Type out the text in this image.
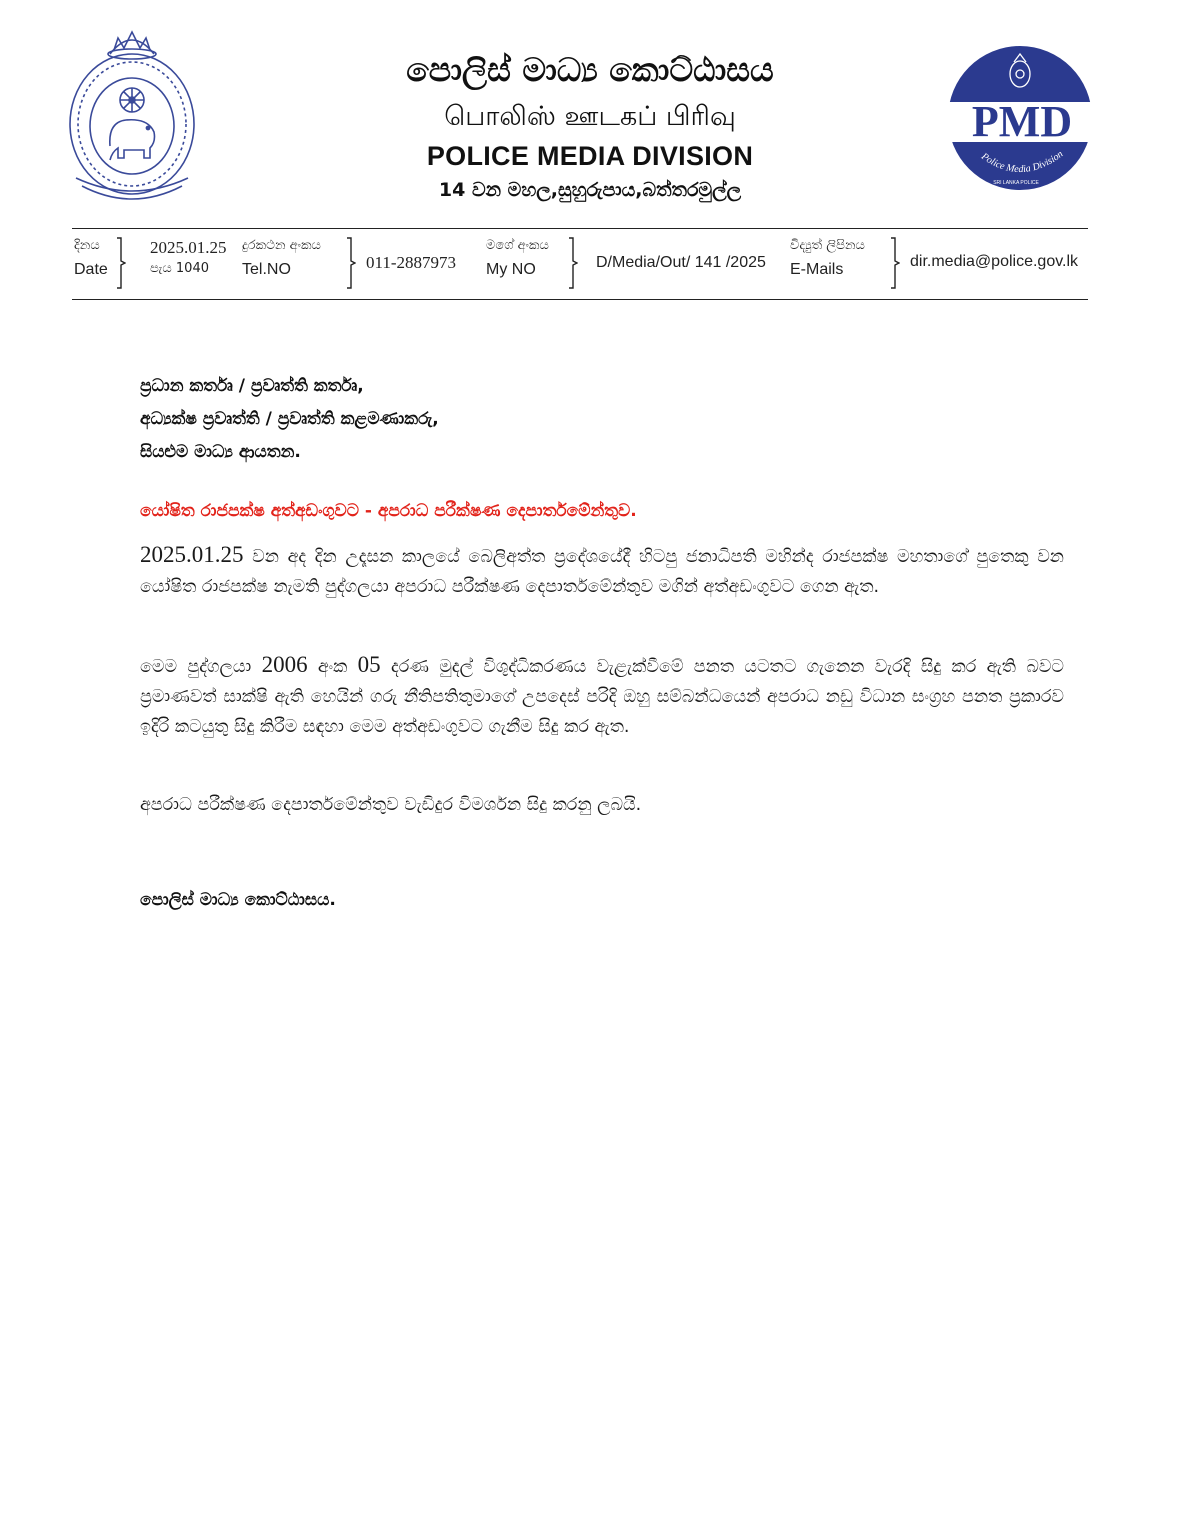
පොලිස් මාධ්‍ය කොට්ඨාසය

பொலிஸ் ஊடகப் பிரிவு

POLICE MEDIA DIVISION

14 වන මහල,සුහුරුපාය,බත්තරමුල්ල

PMD
Police Media Division
SRI LANKA POLICE
දිනය
Date
2025.01.25
පැය 1040
දුරකථන අංකය
Tel.NO	011-2887973
මගේ අංකය
My NO	D/Media/Out/ 141 /2025
විද්‍යුත් ලිපිනය
E-Mails	dir.media@police.gov.lk

ප්‍රධාන කර්තෘ / ප්‍රවෘත්ති කර්තෘ,

අධ්‍යක්ෂ ප්‍රවෘත්ති / ප්‍රවෘත්ති කළමණාකරු,

සියළුම මාධ්‍ය ආයතන.

යෝෂිත රාජපක්ෂ අත්අඩංගුවට - අපරාධ පරීක්ෂණ දෙපාර්තමේන්තුව.

2025.01.25 වන අද දින උදෑසන කාලයේ බෙලිඅත්ත ප්‍රදේශයේදී හිටපු ජනාධිපති මහින්ද රාජපක්ෂ මහතාගේ පුතෙකු වන යෝෂිත රාජපක්ෂ නැමති පුද්ගලයා අපරාධ පරීක්ෂණ දෙපාර්තමේන්තුව මගින් අත්අඩංගුවට ගෙන ඇත.

මෙම පුද්ගලයා 2006 අංක 05 දරණ මුදල් විශුද්ධිකරණය වැළැක්වීමේ පනත යටතට ගැනෙන වැරදි සිදු කර ඇති බවට ප්‍රමාණවත් සාක්ෂි ඇති හෙයින් ගරු නීතිපතිතුමාගේ උපදෙස් පරිදි ඔහු සම්බන්ධයෙන් අපරාධ නඩු විධාන සංග්‍රහ පනත ප්‍රකාරව ඉදිරි කටයුතු සිදු කිරීම සඳහා මෙම අත්අඩංගුවට ගැනීම සිදු කර ඇත.

අපරාධ පරීක්ෂණ දෙපාර්තමේන්තුව වැඩිදුර විමර්ශන සිදු කරනු ලබයි.

පොලිස් මාධ්‍ය කොට්ඨාසය.
